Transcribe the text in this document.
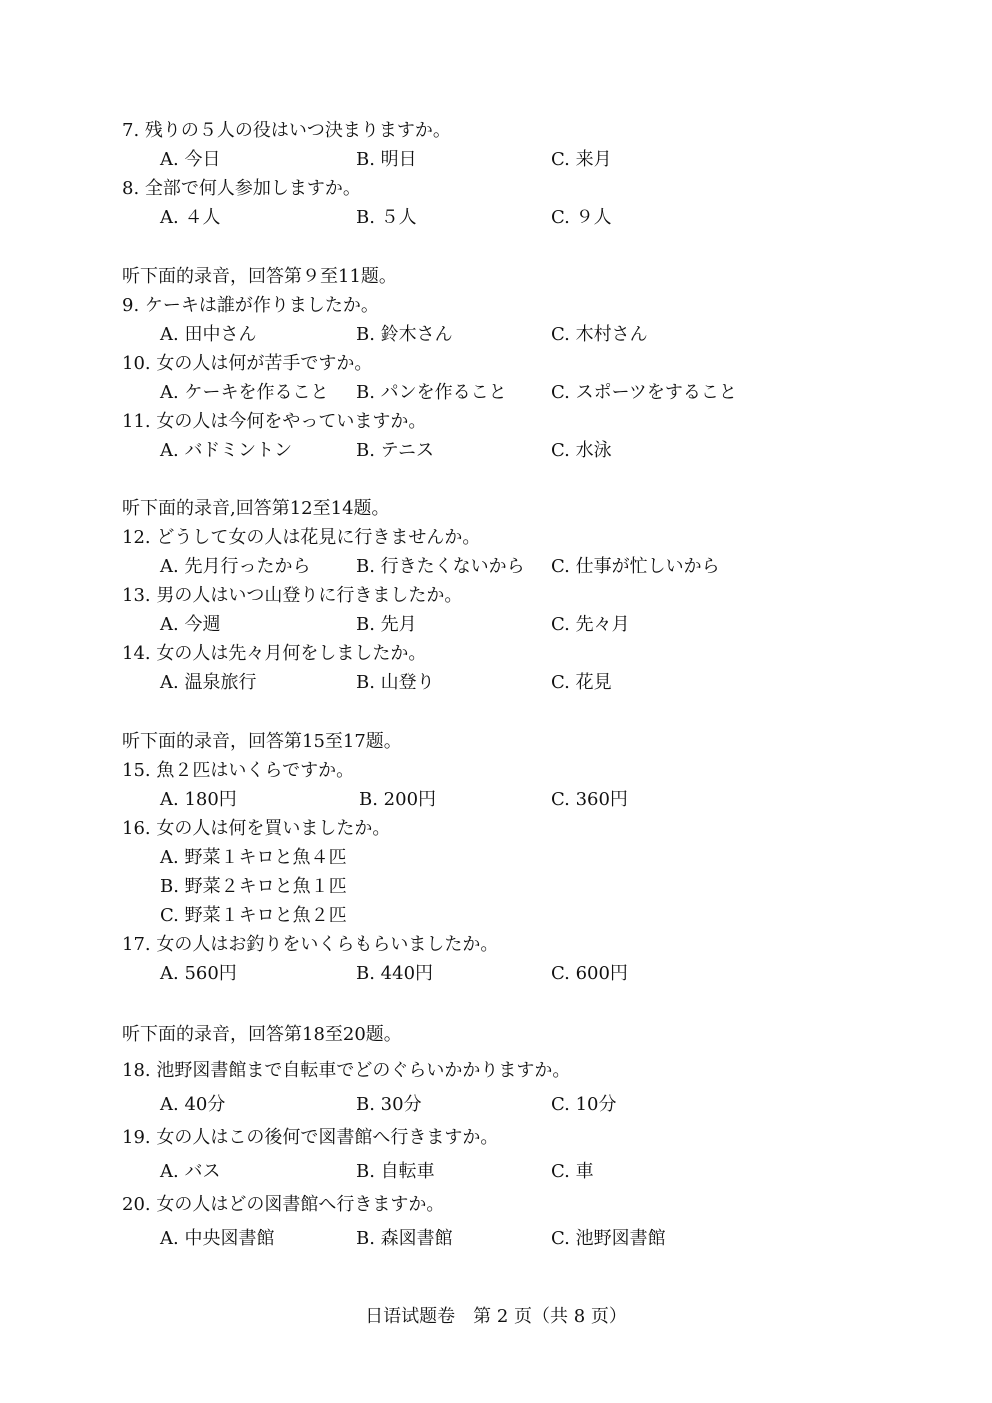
7. 残りの５人の役はいつ決まりますか。
A. 今日	B. 明日	C. 来月
8. 全部で何人参加しますか。
A. ４人	B. ５人	C. ９人
听下面的录音，回答第９至11题。
9. ケーキは誰が作りましたか。
A. 田中さん	B. 鈴木さん	C. 木村さん
10. 女の人は何が苦手ですか。
A. ケーキを作ること B. パンを作ること C. スポーツをすること
11. 女の人は今何をやっていますか。
A. バドミントン	B. テニス	C. 水泳
听下面的录音,回答第12至14题。
12. どうして女の人は花見に行きませんか。
A. 先月行ったから	B. 行きたくないから C. 仕事が忙しいから
13. 男の人はいつ山登りに行きましたか。
A. 今週	B. 先月	C. 先々月
14. 女の人は先々月何をしましたか。
A. 温泉旅行	B. 山登り	C. 花見
听下面的录音，回答第15至17题。
15. 魚２匹はいくらですか。
A. 180円	B. 200円	C. 360円
16. 女の人は何を買いましたか。
A. 野菜１キロと魚４匹
B. 野菜２キロと魚１匹
C. 野菜１キロと魚２匹
17. 女の人はお釣りをいくらもらいましたか。
A. 560円	B. 440円	C. 600円
听下面的录音，回答第18至20题。
18. 池野図書館まで自転車でどのぐらいかかりますか。
A. 40分	B. 30分	C. 10分
19. 女の人はこの後何で図書館へ行きますか。
A. バス	B. 自転車	C. 車
20. 女の人はどの図書館へ行きますか。
A. 中央図書館	B. 森図書館	C. 池野図書館
日语试题卷　第 2 页（共 8 页）
